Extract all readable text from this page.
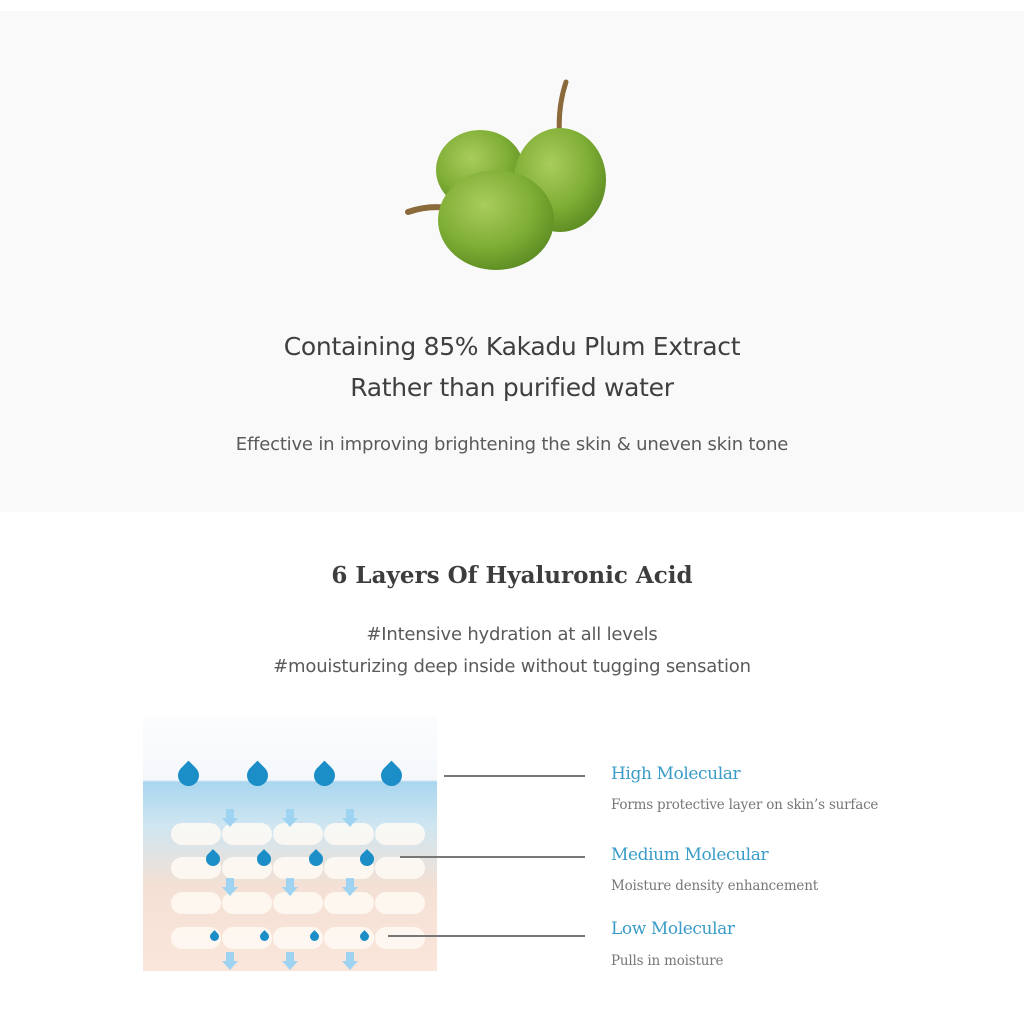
Containing 85% Kakadu Plum Extract
Rather than purified water
Effective in improving brightening the skin & uneven skin tone
6 Layers Of Hyaluronic Acid
#Intensive hydration at all levels
#mouisturizing deep inside without tugging sensation
High Molecular
Forms protective layer on skin’s surface
Medium Molecular
Moisture density enhancement
Low Molecular
Pulls in moisture
